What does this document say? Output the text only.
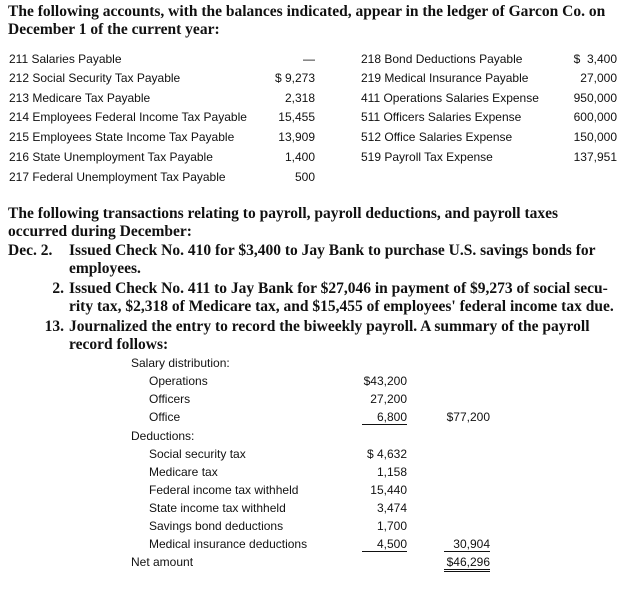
The following accounts, with the balances indicated, appear in the ledger of Garcon Co. on December 1 of the current year:
211 Salaries Payable	—
212 Social Security Tax Payable	$ 9,273
213 Medicare Tax Payable	2,318
214 Employees Federal Income Tax Payable	15,455
215 Employees State Income Tax Payable	13,909
216 State Unemployment Tax Payable	1,400
217 Federal Unemployment Tax Payable	500
218 Bond Deductions Payable	$  3,400
219 Medical Insurance Payable	27,000
411 Operations Salaries Expense	950,000
511 Officers Salaries Expense	600,000
512 Office Salaries Expense	150,000
519 Payroll Tax Expense	137,951
The following transactions relating to payroll, payroll deductions, and payroll taxes occurred during December:
Dec. 2. Issued Check No. 410 for $3,400 to Jay Bank to purchase U.S. savings bonds for
employees.
2. Issued Check No. 411 to Jay Bank for $27,046 in payment of $9,273 of social secu-
rity tax, $2,318 of Medicare tax, and $15,455 of employees' federal income tax due.
13. Journalized the entry to record the biweekly payroll. A summary of the payroll
record follows:
Salary distribution:
Operations	$43,200
Officers	27,200
Office	6,800	$77,200
Deductions:
Social security tax	$ 4,632
Medicare tax	1,158
Federal income tax withheld	15,440
State income tax withheld	3,474
Savings bond deductions	1,700
Medical insurance deductions	4,500	30,904
Net amount	$46,296
